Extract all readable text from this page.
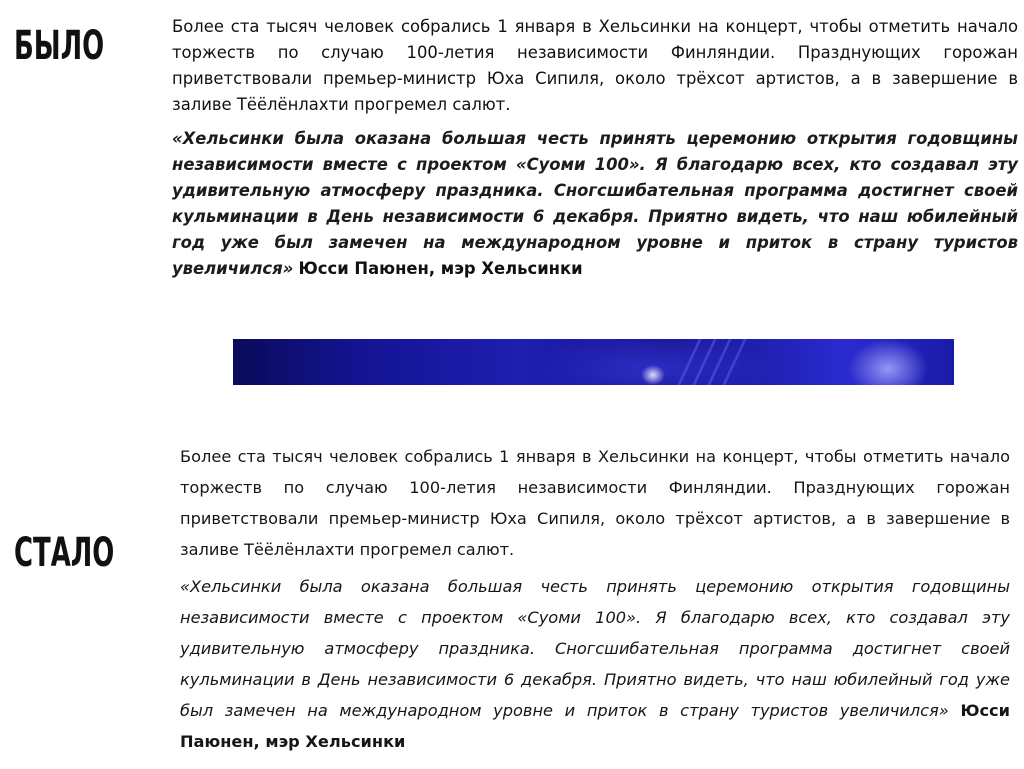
БЫЛО	Более ста тысяч человек собрались 1 января в Хельсинки на концерт, чтобы отметить начало торжеств по случаю 100-летия независимости Финляндии. Празднующих горожан приветствовали премьер-министр Юха Сипиля, около трёхсот артистов, а в завершение в заливе Тёёлёнлахти прогремел салют.

«Хельсинки была оказана большая честь принять церемонию открытия годовщины независимости вместе с проектом «Суоми 100». Я благодарю всех, кто создавал эту удивительную атмосферу праздника. Сногсшибательная программа достигнет своей кульминации в День независимости 6 декабря. Приятно видеть, что наш юбилейный год уже был замечен на международном уровне и приток в страну туристов увеличился» Юсси Паюнен, мэр Хельсинки

СТАЛО

Более ста тысяч человек собрались 1 января в Хельсинки на концерт, чтобы отметить начало торжеств по случаю 100-летия независимости Финляндии. Празднующих горожан приветствовали премьер-министр Юха Сипиля, около трёхсот артистов, а в завершение в заливе Тёёлёнлахти прогремел салют.

«Хельсинки была оказана большая честь принять церемонию открытия годовщины независимости вместе с проектом «Суоми 100». Я благодарю всех, кто создавал эту удивительную атмосферу праздника. Сногсшибательная программа достигнет своей кульминации в День независимости 6 декабря. Приятно видеть, что наш юбилейный год уже был замечен на международном уровне и приток в страну туристов увеличился» Юсси Паюнен, мэр Хельсинки
